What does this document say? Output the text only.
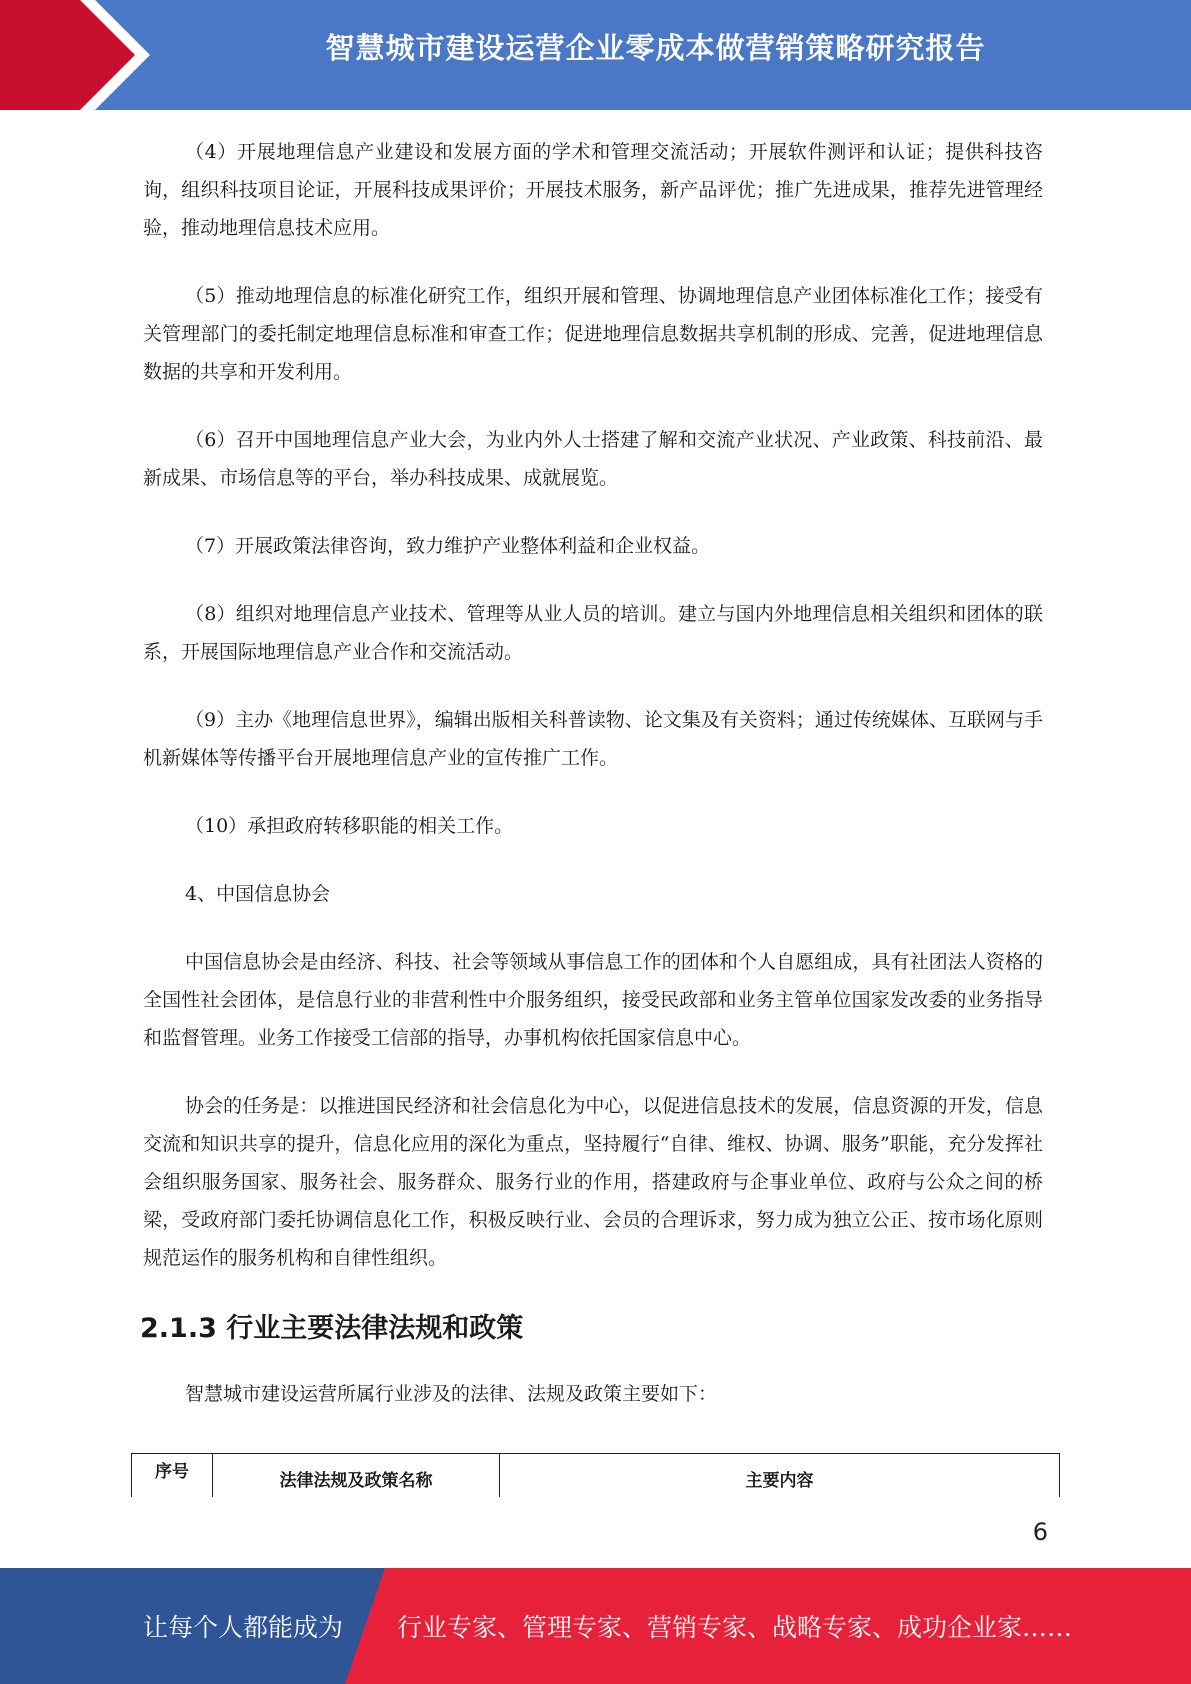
智慧城市建设运营企业零成本做营销策略研究报告

（4）开展地理信息产业建设和发展方面的学术和管理交流活动；开展软件测评和认证；提供科技咨询，组织科技项目论证，开展科技成果评价；开展技术服务，新产品评优；推广先进成果，推荐先进管理经验，推动地理信息技术应用。

（5）推动地理信息的标准化研究工作，组织开展和管理、协调地理信息产业团体标准化工作；接受有关管理部门的委托制定地理信息标准和审查工作；促进地理信息数据共享机制的形成、完善，促进地理信息数据的共享和开发利用。

（6）召开中国地理信息产业大会，为业内外人士搭建了解和交流产业状况、产业政策、科技前沿、最新成果、市场信息等的平台，举办科技成果、成就展览。

（7）开展政策法律咨询，致力维护产业整体利益和企业权益。

（8）组织对地理信息产业技术、管理等从业人员的培训。建立与国内外地理信息相关组织和团体的联系，开展国际地理信息产业合作和交流活动。

（9）主办《地理信息世界》，编辑出版相关科普读物、论文集及有关资料；通过传统媒体、互联网与手机新媒体等传播平台开展地理信息产业的宣传推广工作。

（10）承担政府转移职能的相关工作。

4、中国信息协会

中国信息协会是由经济、科技、社会等领域从事信息工作的团体和个人自愿组成，具有社团法人资格的全国性社会团体，是信息行业的非营利性中介服务组织，接受民政部和业务主管单位国家发改委的业务指导和监督管理。业务工作接受工信部的指导，办事机构依托国家信息中心。

协会的任务是：以推进国民经济和社会信息化为中心，以促进信息技术的发展，信息资源的开发，信息交流和知识共享的提升，信息化应用的深化为重点，坚持履行“自律、维权、协调、服务”职能，充分发挥社会组织服务国家、服务社会、服务群众、服务行业的作用，搭建政府与企事业单位、政府与公众之间的桥梁，受政府部门委托协调信息化工作，积极反映行业、会员的合理诉求，努力成为独立公正、按市场化原则规范运作的服务机构和自律性组织。

2.1.3 行业主要法律法规和政策

智慧城市建设运营所属行业涉及的法律、法规及政策主要如下：

序号	法律法规及政策名称	主要内容
6
让每个人都能成为 行业专家、管理专家、营销专家、战略专家、成功企业家……
